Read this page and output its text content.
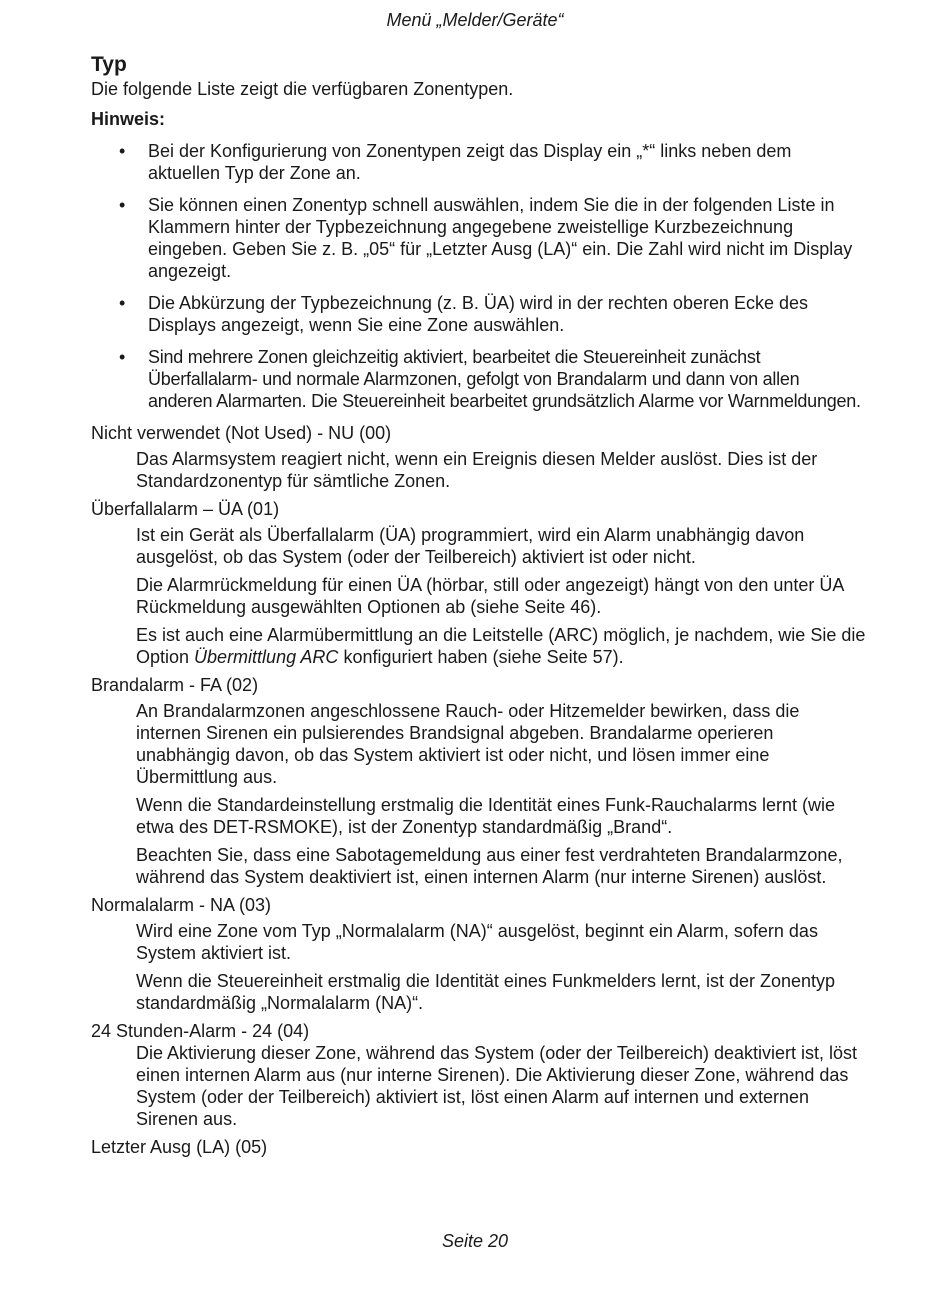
Menü „Melder/Geräte“
Typ
Die folgende Liste zeigt die verfügbaren Zonentypen.
Hinweis:
• Bei der Konfigurierung von Zonentypen zeigt das Display ein „*“ links neben dem aktuellen Typ der Zone an.
• Sie können einen Zonentyp schnell auswählen, indem Sie die in der folgenden Liste in Klammern hinter der Typbezeichnung angegebene zweistellige Kurzbezeichnung eingeben. Geben Sie z. B. „05“ für „Letzter Ausg (LA)“ ein. Die Zahl wird nicht im Display angezeigt.
• Die Abkürzung der Typbezeichnung (z. B. ÜA) wird in der rechten oberen Ecke des Displays angezeigt, wenn Sie eine Zone auswählen.
• Sind mehrere Zonen gleichzeitig aktiviert, bearbeitet die Steuereinheit zunächst Überfallalarm- und normale Alarmzonen, gefolgt von Brandalarm und dann von allen anderen Alarmarten. Die Steuereinheit bearbeitet grundsätzlich Alarme vor Warnmeldungen.
Nicht verwendet (Not Used) - NU (00)
Das Alarmsystem reagiert nicht, wenn ein Ereignis diesen Melder auslöst. Dies ist der Standardzonentyp für sämtliche Zonen.
Überfallalarm – ÜA (01)
Ist ein Gerät als Überfallalarm (ÜA) programmiert, wird ein Alarm unabhängig davon ausgelöst, ob das System (oder der Teilbereich) aktiviert ist oder nicht.
Die Alarmrückmeldung für einen ÜA (hörbar, still oder angezeigt) hängt von den unter ÜA Rückmeldung ausgewählten Optionen ab (siehe Seite 46).
Es ist auch eine Alarmübermittlung an die Leitstelle (ARC) möglich, je nachdem, wie Sie die Option Übermittlung ARC konfiguriert haben (siehe Seite 57).
Brandalarm - FA (02)
An Brandalarmzonen angeschlossene Rauch- oder Hitzemelder bewirken, dass die internen Sirenen ein pulsierendes Brandsignal abgeben. Brandalarme operieren unabhängig davon, ob das System aktiviert ist oder nicht, und lösen immer eine Übermittlung aus.
Wenn die Standardeinstellung erstmalig die Identität eines Funk-Rauchalarms lernt (wie etwa des DET-RSMOKE), ist der Zonentyp standardmäßig „Brand“.
Beachten Sie, dass eine Sabotagemeldung aus einer fest verdrahteten Brandalarmzone, während das System deaktiviert ist, einen internen Alarm (nur interne Sirenen) auslöst.
Normalalarm - NA (03)
Wird eine Zone vom Typ „Normalalarm (NA)“ ausgelöst, beginnt ein Alarm, sofern das System aktiviert ist.
Wenn die Steuereinheit erstmalig die Identität eines Funkmelders lernt, ist der Zonentyp standardmäßig „Normalalarm (NA)“.
24 Stunden-Alarm - 24 (04)
Die Aktivierung dieser Zone, während das System (oder der Teilbereich) deaktiviert ist, löst einen internen Alarm aus (nur interne Sirenen). Die Aktivierung dieser Zone, während das System (oder der Teilbereich) aktiviert ist, löst einen Alarm auf internen und externen Sirenen aus.
Letzter Ausg (LA) (05)
Seite 20
